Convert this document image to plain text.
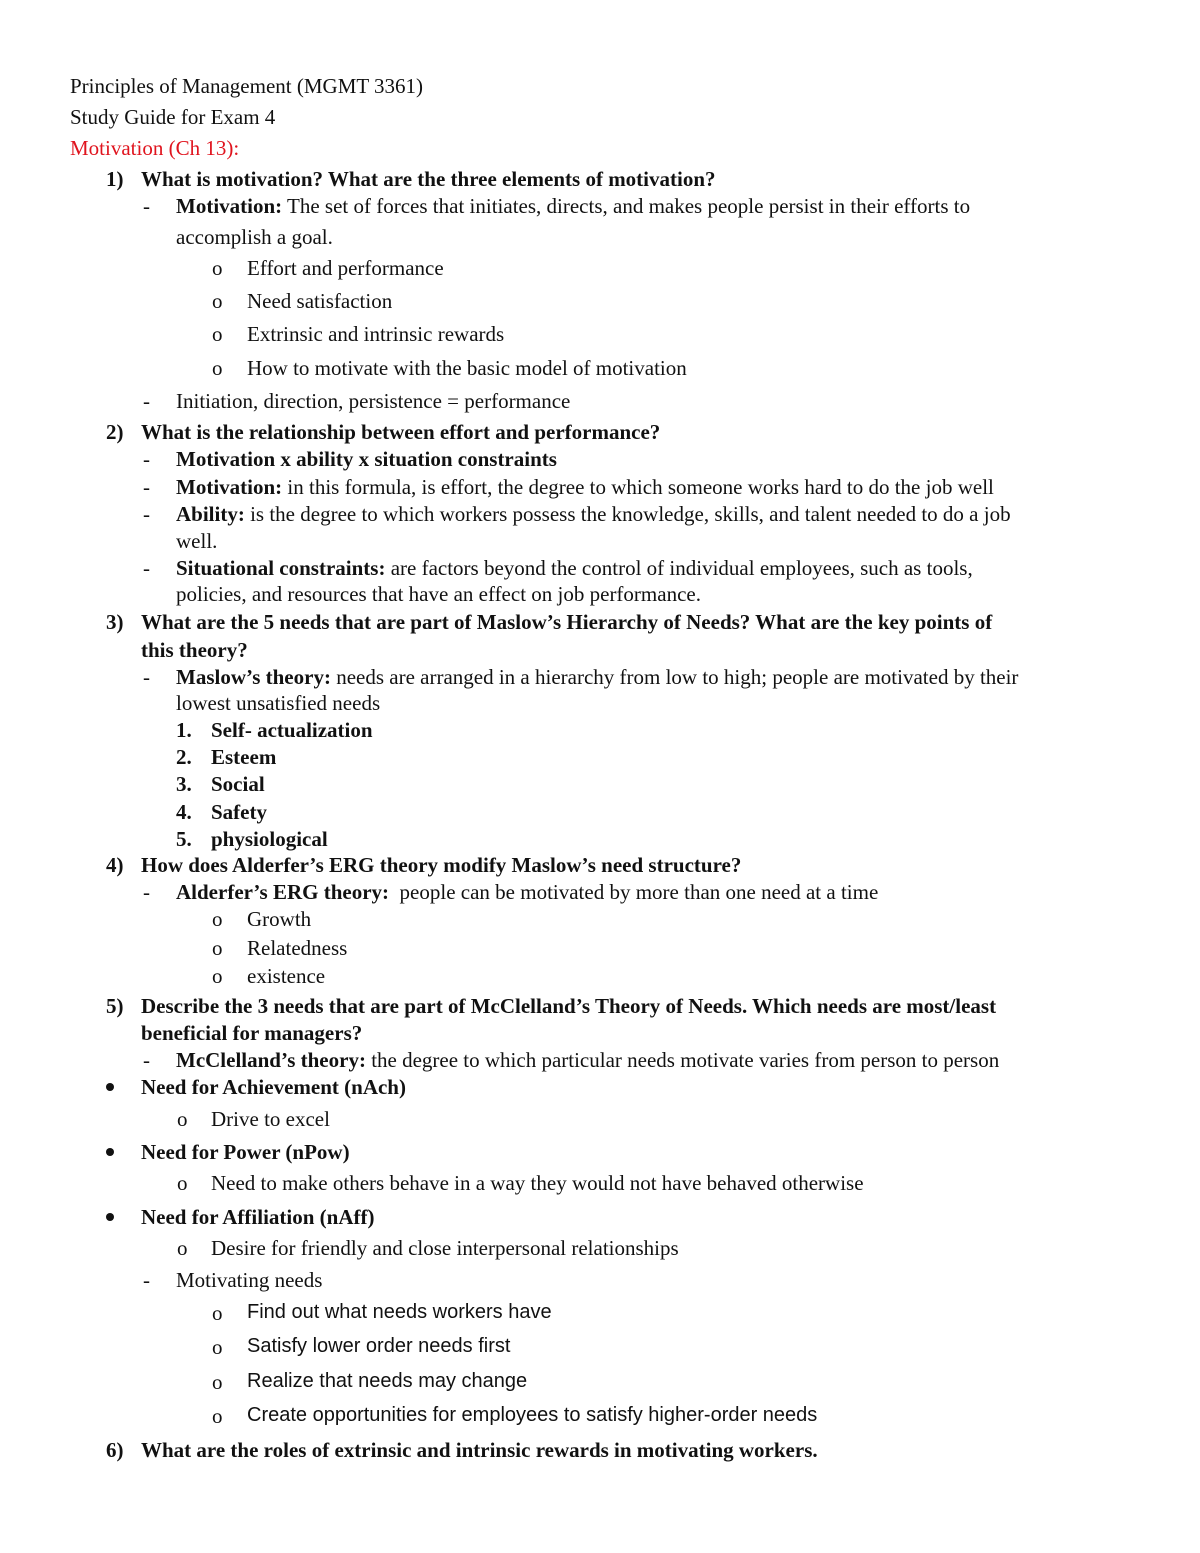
Principles of Management (MGMT 3361)
Study Guide for Exam 4
Motivation (Ch 13):
1) What is motivation? What are the three elements of motivation?
- Motivation: The set of forces that initiates, directs, and makes people persist in their efforts to
accomplish a goal.
o Effort and performance
o Need satisfaction
o Extrinsic and intrinsic rewards
o How to motivate with the basic model of motivation
- Initiation, direction, persistence = performance
2) What is the relationship between effort and performance?
- Motivation x ability x situation constraints
- Motivation: in this formula, is effort, the degree to which someone works hard to do the job well
- Ability: is the degree to which workers possess the knowledge, skills, and talent needed to do a job
well.
- Situational constraints: are factors beyond the control of individual employees, such as tools,
policies, and resources that have an effect on job performance.
3) What are the 5 needs that are part of Maslow’s Hierarchy of Needs? What are the key points of
this theory?
- Maslow’s theory: needs are arranged in a hierarchy from low to high; people are motivated by their
lowest unsatisfied needs
1. Self- actualization
2. Esteem
3. Social
4. Safety
5. physiological
4) How does Alderfer’s ERG theory modify Maslow’s need structure?
- Alderfer’s ERG theory: people can be motivated by more than one need at a time
o Growth
o Relatedness
o existence
5) Describe the 3 needs that are part of McClelland’s Theory of Needs. Which needs are most/least
beneficial for managers?
- McClelland’s theory: the degree to which particular needs motivate varies from person to person
Need for Achievement (nAch)
o Drive to excel
Need for Power (nPow)
o Need to make others behave in a way they would not have behaved otherwise
Need for Affiliation (nAff)
o Desire for friendly and close interpersonal relationships
- Motivating needs
o Find out what needs workers have
o Satisfy lower order needs first
o Realize that needs may change
o Create opportunities for employees to satisfy higher-order needs
6) What are the roles of extrinsic and intrinsic rewards in motivating workers.
